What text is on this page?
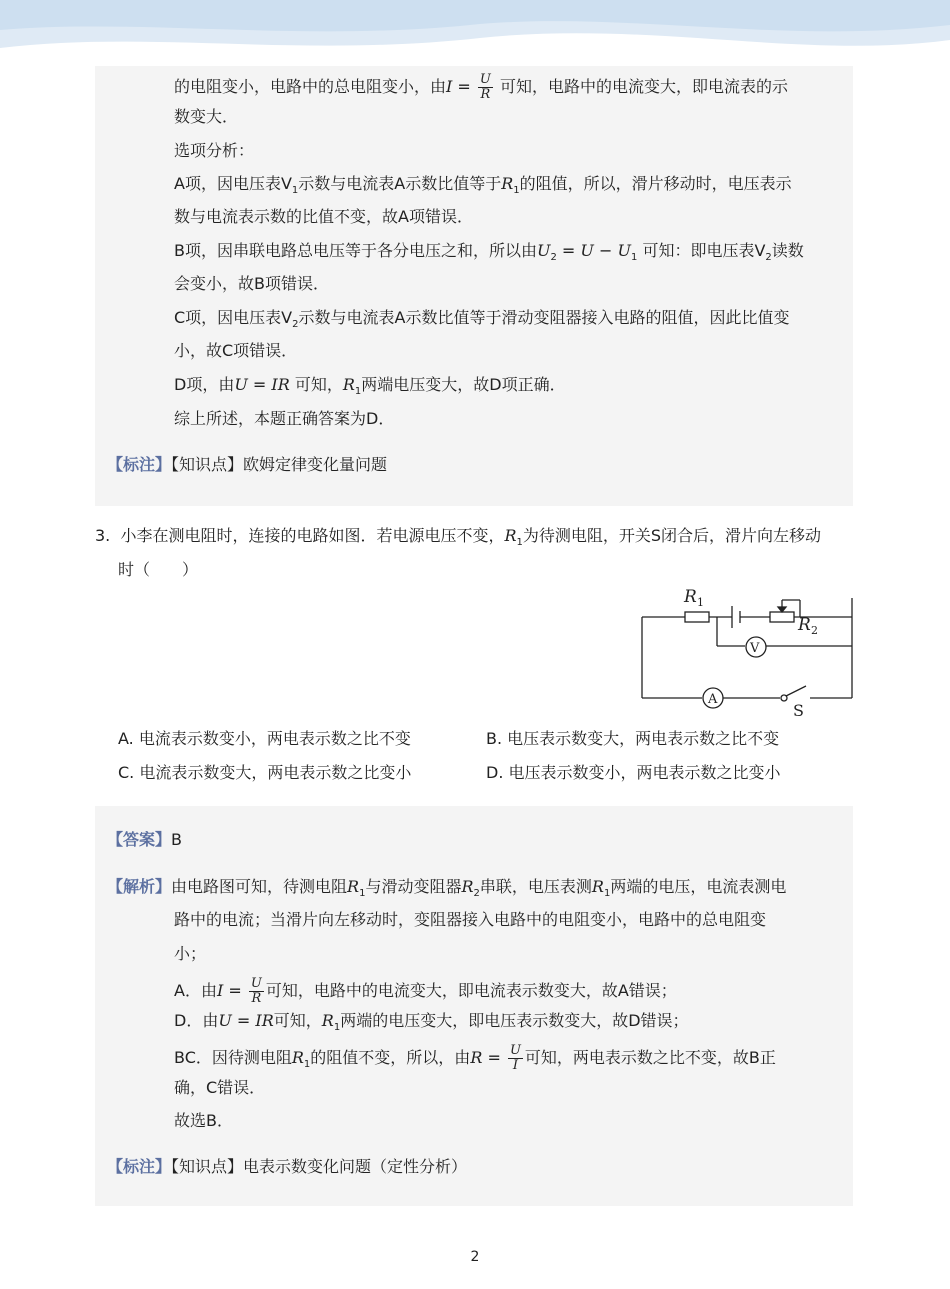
的电阻变小，电路中的总电阻变小，由$I = \frac{U}{R}$ 可知，电路中的电流变大，即电流表的示
数变大．
选项分析：
A项，因电压表$V_1$示数与电流表A示数比值等于$R_1$的阻值，所以，滑片移动时，电压表示
数与电流表示数的比值不变，故A项错误．
B项，因串联电路总电压等于各分电压之和，所以由$U_2 = U - U_1$ 可知：即电压表$V_2$读数
会变小，故B项错误．
C项，因电压表$V_2$示数与电流表A示数比值等于滑动变阻器接入电路的阻值，因此比值变
小，故C项错误．
D项，由U = IR 可知，$R_1$两端电压变大，故D项正确．
综上所述，本题正确答案为D．
【标注】【知识点】欧姆定律变化量问题
3. 小李在测电阻时，连接的电路如图．若电源电压不变，$R_1$为待测电阻，开关S闭合后，滑片向左移动
时（　　）
R 1
R 2
V
A
S
A. 电流表示数变小，两电表示数之比不变	B. 电压表示数变大，两电表示数之比不变
C. 电流表示数变大，两电表示数之比变小	D. 电压表示数变小，两电表示数之比变小
【答案】B
【解析】由电路图可知，待测电阻$R_1$与滑动变阻器$R_2$串联，电压表测$R_1$两端的电压，电流表测电
路中的电流；当滑片向左移动时，变阻器接入电路中的电阻变小，电路中的总电阻变
小；
A．由$I = \frac{U}{R}$ 可知，电路中的电流变大，即电流表示数变大，故A错误；
D．由U = IR可知，$R_1$两端的电压变大，即电压表示数变大，故D错误；
BC．因待测电阻$R_1$的阻值不变，所以，由$R = \frac{U}{I}$ 可知，两电表示数之比不变，故B正
确，C错误．
故选B．
【标注】【知识点】电表示数变化问题（定性分析）
2
